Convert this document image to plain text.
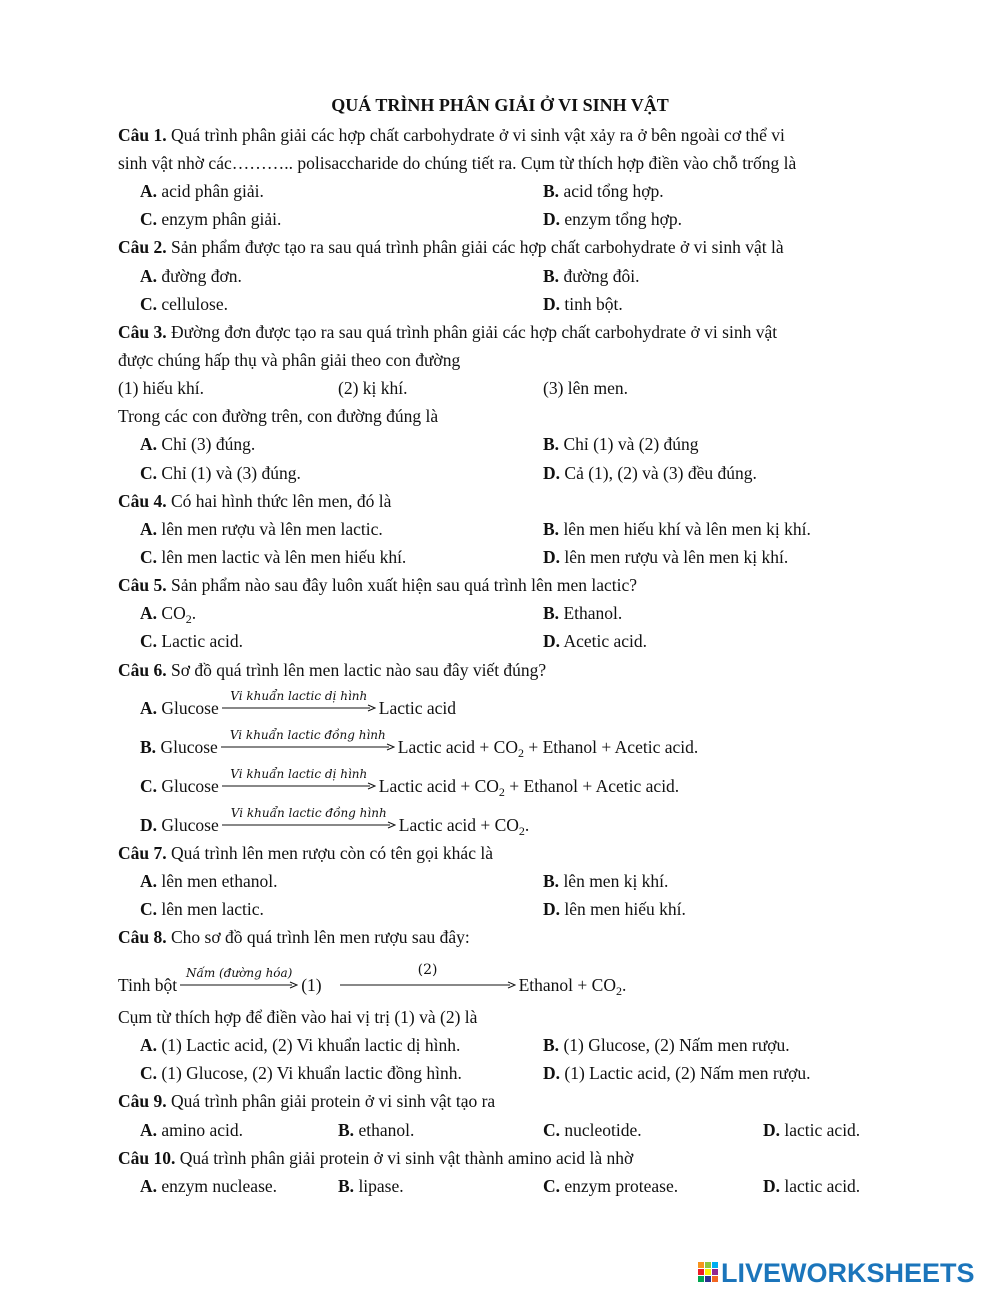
QUÁ TRÌNH PHÂN GIẢI Ở VI SINH VẬT
Câu 1. Quá trình phân giải các hợp chất carbohydrate ở vi sinh vật xảy ra ở bên ngoài cơ thể vi
sinh vật nhờ các……….. polisaccharide do chúng tiết ra. Cụm từ thích hợp điền vào chỗ trống là
A. acid phân giải.	B. acid tổng hợp.
C. enzym phân giải.	D. enzym tổng hợp.
Câu 2. Sản phẩm được tạo ra sau quá trình phân giải các hợp chất carbohydrate ở vi sinh vật là
A. đường đơn.	B. đường đôi.
C. cellulose.	D. tinh bột.
Câu 3. Đường đơn được tạo ra sau quá trình phân giải các hợp chất carbohydrate ở vi sinh vật
được chúng hấp thụ và phân giải theo con đường
(1) hiếu khí.	(2) kị khí.	(3) lên men.
Trong các con đường trên, con đường đúng là
A. Chỉ (3) đúng.	B. Chỉ (1) và (2) đúng
C. Chỉ (1) và (3) đúng.	D. Cả (1), (2) và (3) đều đúng.
Câu 4. Có hai hình thức lên men, đó là
A. lên men rượu và lên men lactic.	B. lên men hiếu khí và lên men kị khí.
C. lên men lactic và lên men hiếu khí.	D. lên men rượu và lên men kị khí.
Câu 5. Sản phẩm nào sau đây luôn xuất hiện sau quá trình lên men lactic?
A. $CO_2$.	B. Ethanol.
C. Lactic acid.	D. Acetic acid.
Câu 6. Sơ đồ quá trình lên men lactic nào sau đây viết đúng?
A. Glucose
Vi khuẩn lactic dị hình
Lactic acid
B. Glucose
Vi khuẩn lactic đồng hình
Lactic acid + $CO_2$ + Ethanol + Acetic acid.
C. Glucose
Vi khuẩn lactic dị hình
Lactic acid + $CO_2$ + Ethanol + Acetic acid.
D. Glucose
Vi khuẩn lactic đồng hình
Lactic acid + $CO_2$.
Câu 7. Quá trình lên men rượu còn có tên gọi khác là
A. lên men ethanol.	B. lên men kị khí.
C. lên men lactic.	D. lên men hiếu khí.
Câu 8. Cho sơ đồ quá trình lên men rượu sau đây:
Tinh bột
Nấm (đường hóa)
(1)
(2)
Ethanol + $CO_2$.
Cụm từ thích hợp để điền vào hai vị trị (1) và (2) là
A. (1) Lactic acid, (2) Vi khuẩn lactic dị hình.	B. (1) Glucose, (2) Nấm men rượu.
C. (1) Glucose, (2) Vi khuẩn lactic đồng hình.	D. (1) Lactic acid, (2) Nấm men rượu.
Câu 9. Quá trình phân giải protein ở vi sinh vật tạo ra
A. amino acid.	B. ethanol.	C. nucleotide.	D. lactic acid.
Câu 10. Quá trình phân giải protein ở vi sinh vật thành amino acid là nhờ
A. enzym nuclease.	B. lipase.	C. enzym protease.	D. lactic acid.
LIVEWORKSHEETS
